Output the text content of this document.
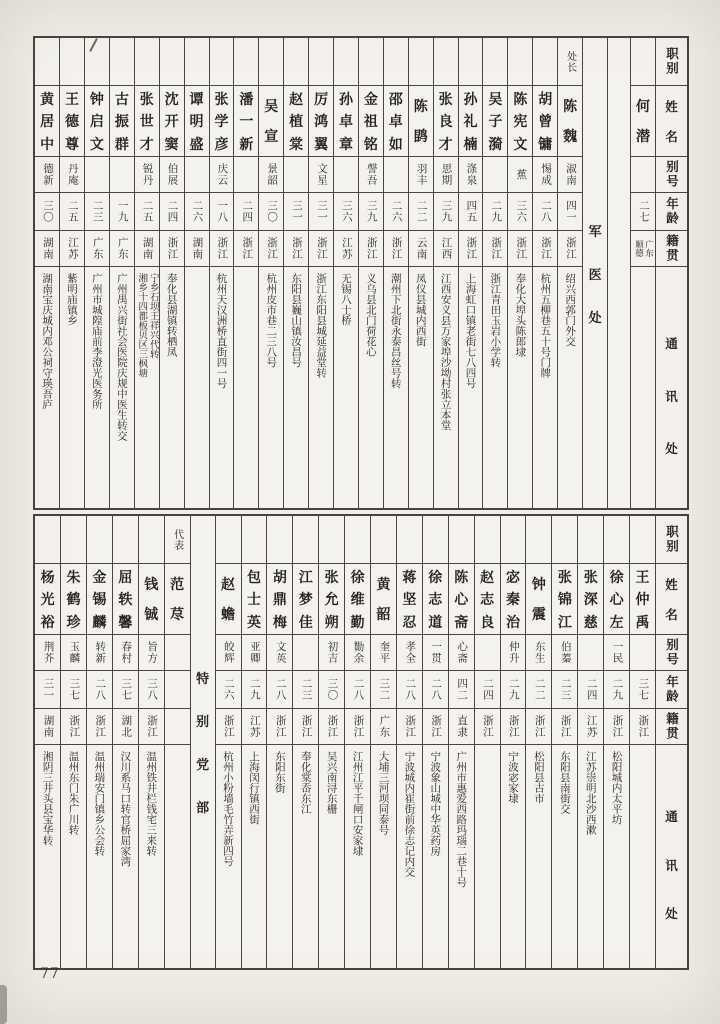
职别
姓
名
别号
年龄
籍贯
通
讯
处
何
潜
二七
广东
顺德
军
医
处
处长
陈
魏
淑南
四一
浙江
绍兴西郭门外交
胡
曾
镛
惕成
二八
浙江
杭州五柳巷五十号门牌
陈
宪
文
蕉
三六
浙江
奉化大埠头陈郎埭
吴
子
漪
二九
浙江
浙江青田玉岩小学转
孙
礼
楠
涤泉
四五
浙江
上海虹口镇老街七八四号
张
良
才
思期
三九
江西
江西安义县万家埠沙坳村张立本堂
陈
鹍
羽丰
二二
云南
凤仪县城内西街
邵
卓
如
二六
浙江
潮州下北街永泰昌丝号转
金
祖
铭
謦吾
三九
浙江
义乌县北门荷花心
孙
卓
章
三六
江苏
无锡八士桥
厉
鸿
翼
文星
三一
浙江
浙江东阳县城延益堂转
赵
植
棠
三一
浙江
东阳县巍山镇汝昌号
吴
宣
景韶
三〇
浙江
杭州皮市巷二三八号
潘
一
新
二四
浙江
张
学
彦
庆云
一八
浙江
杭州天汉洲桥直街四一号
谭
明
盛
二六
湖南
沈
开
窦
伯展
二四
浙江
奉化县湖镇转栖凤
张
世
才
锐丹
二五
湖南
宁乡石坝王祥兴代转
湘乡十四都板贝区三枫塘
古
振
群
一九
广东
广州禺兴街社会医院庆规中医生转交
钟
启
文
二三
广东
广州市城隍庙前李澄光医务所
王
德
尊
丹庵
二五
江苏
紫明庙镇乡
黄
居
中
德新
三〇
湖南
湖南宝庆城内邓公祠守瑛吾庐
职别
姓
名
别号
年龄
籍贯
通
讯
处
王
仲
禹
三七
浙江
徐
心
左
一民
二九
浙江
松阳城内太平坊
张
深
慈
二四
江苏
江苏崇明北沙西漱
张
锦
江
伯蓁
二三
浙江
东阳县南街交
钟
震
东生
二二
浙江
松阳县古市
宓
秦
治
仲升
二九
浙江
宁波宓家埭
赵
志
良
二四
浙江
陈
心
斋
心斋
四二
直隶
广州市惠爱西路玛瑙二巷十号
徐
志
道
一贯
二八
浙江
宁波象山城中华英药房
蒋
坚
忍
孝全
二八
浙江
宁波城内崔街前徐志记内交
黄
韶
奎平
三二
广东
大埔三河坝同泰号
徐
维
勤
勚余
二八
浙江
江州江平千闸口安家埭
张
允
朔
初吉
三〇
浙江
吴兴南浔东栅
江
梦
佳
二三
浙江
奉化棠岙东江
胡
鼎
梅
文英
二八
浙江
东阳东街
包
士
英
亚卿
二九
江苏
上海闵行镇西街
赵
蟾
皎辉
二六
浙江
杭州小粉墙毛竹弄新四号
特
别
党
部
代表
范
荩
钱
铖
旨方
三八
浙江
温州铁井栏钱宅三来转
屈
轶
馨
春村
三七
湖北
汉川系马口转官桥屈家湾
金
锡
麟
转新
二八
浙江
温州瑞安门镇乡公会转
朱
鹤
珍
玉麟
三七
浙江
温州东门朱广川转
杨
光
裕
荆芥
三一
湖南
湘阴三井头县宝华转
77
